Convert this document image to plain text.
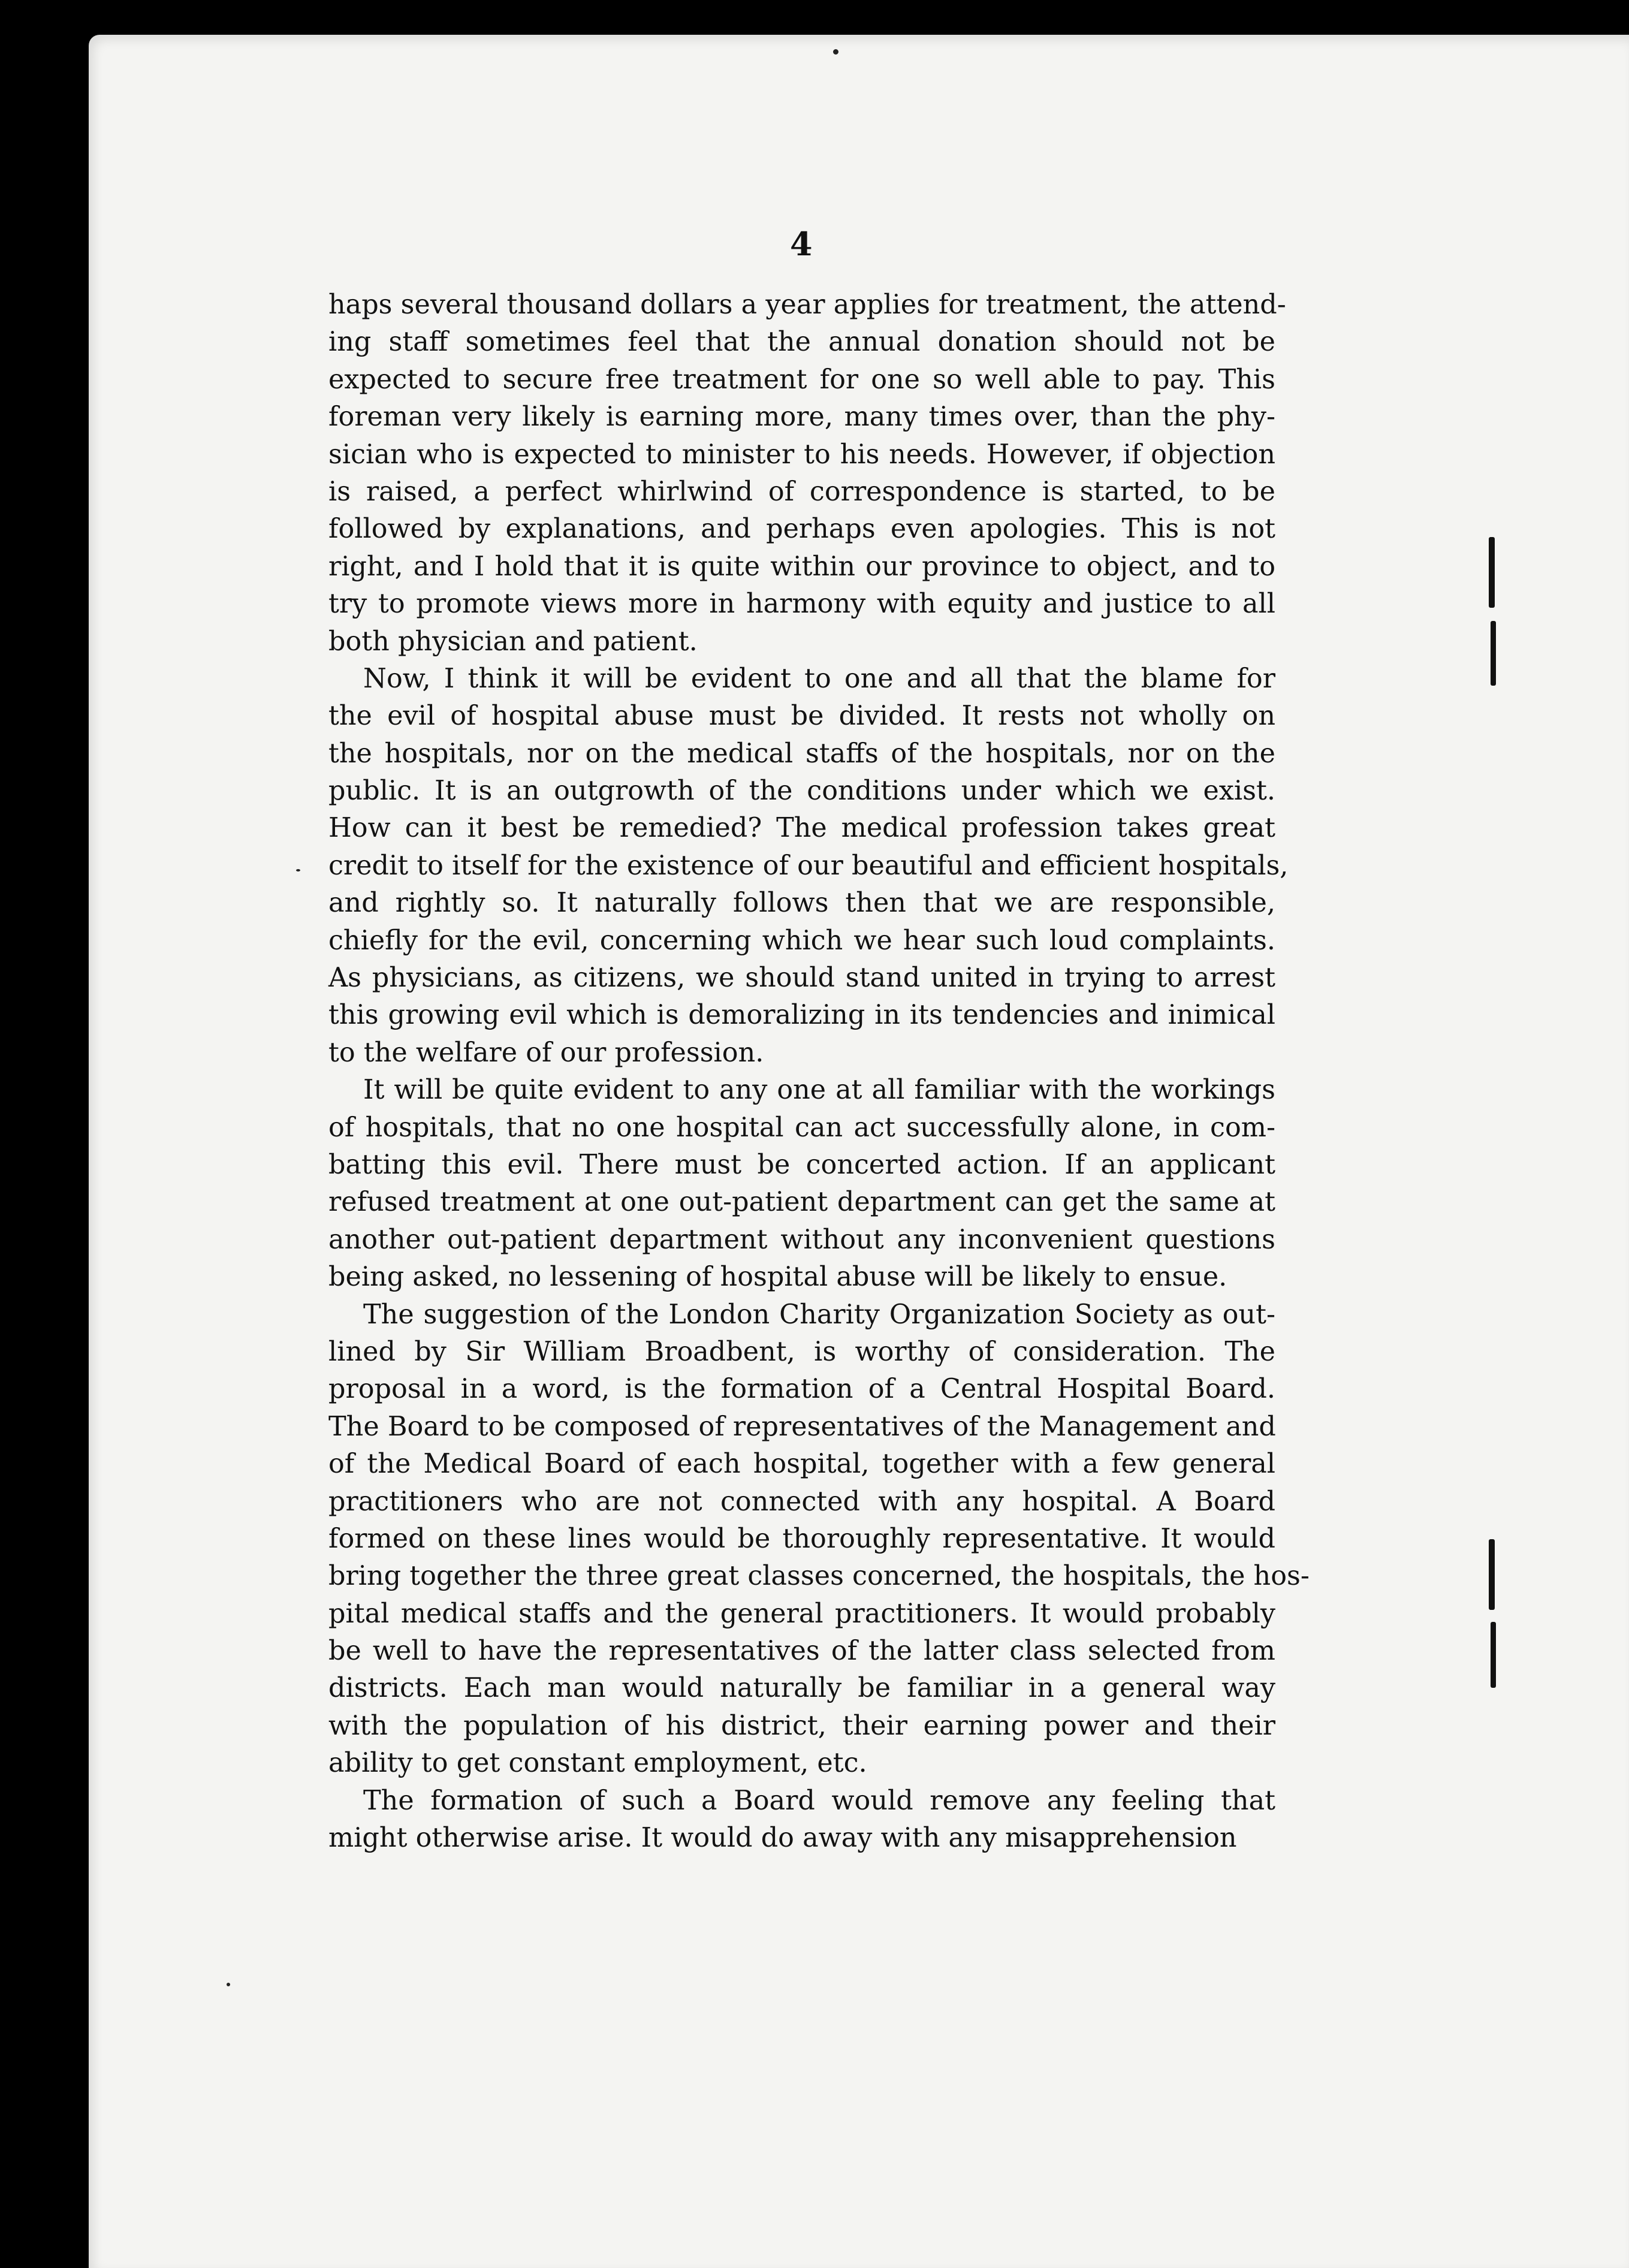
4
haps several thousand dollars a year applies for treatment, the attend-
ing staff sometimes feel that the annual donation should not be
expected to secure free treatment for one so well able to pay. This
foreman very likely is earning more, many times over, than the phy-
sician who is expected to minister to his needs. However, if objection
is raised, a perfect whirlwind of correspondence is started, to be
followed by explanations, and perhaps even apologies. This is not
right, and I hold that it is quite within our province to object, and to
try to promote views more in harmony with equity and justice to all
both physician and patient.
Now, I think it will be evident to one and all that the blame for
the evil of hospital abuse must be divided. It rests not wholly on
the hospitals, nor on the medical staffs of the hospitals, nor on the
public. It is an outgrowth of the conditions under which we exist.
How can it best be remedied? The medical profession takes great
credit to itself for the existence of our beautiful and efficient hospitals,
and rightly so. It naturally follows then that we are responsible,
chiefly for the evil, concerning which we hear such loud complaints.
As physicians, as citizens, we should stand united in trying to arrest
this growing evil which is demoralizing in its tendencies and inimical
to the welfare of our profession.
It will be quite evident to any one at all familiar with the workings
of hospitals, that no one hospital can act successfully alone, in com-
batting this evil. There must be concerted action. If an applicant
refused treatment at one out-patient department can get the same at
another out-patient department without any inconvenient questions
being asked, no lessening of hospital abuse will be likely to ensue.
The suggestion of the London Charity Organization Society as out-
lined by Sir William Broadbent, is worthy of consideration. The
proposal in a word, is the formation of a Central Hospital Board.
The Board to be composed of representatives of the Management and
of the Medical Board of each hospital, together with a few general
practitioners who are not connected with any hospital. A Board
formed on these lines would be thoroughly representative. It would
bring together the three great classes concerned, the hospitals, the hos-
pital medical staffs and the general practitioners. It would probably
be well to have the representatives of the latter class selected from
districts. Each man would naturally be familiar in a general way
with the population of his district, their earning power and their
ability to get constant employment, etc.
The formation of such a Board would remove any feeling that
might otherwise arise. It would do away with any misapprehension
